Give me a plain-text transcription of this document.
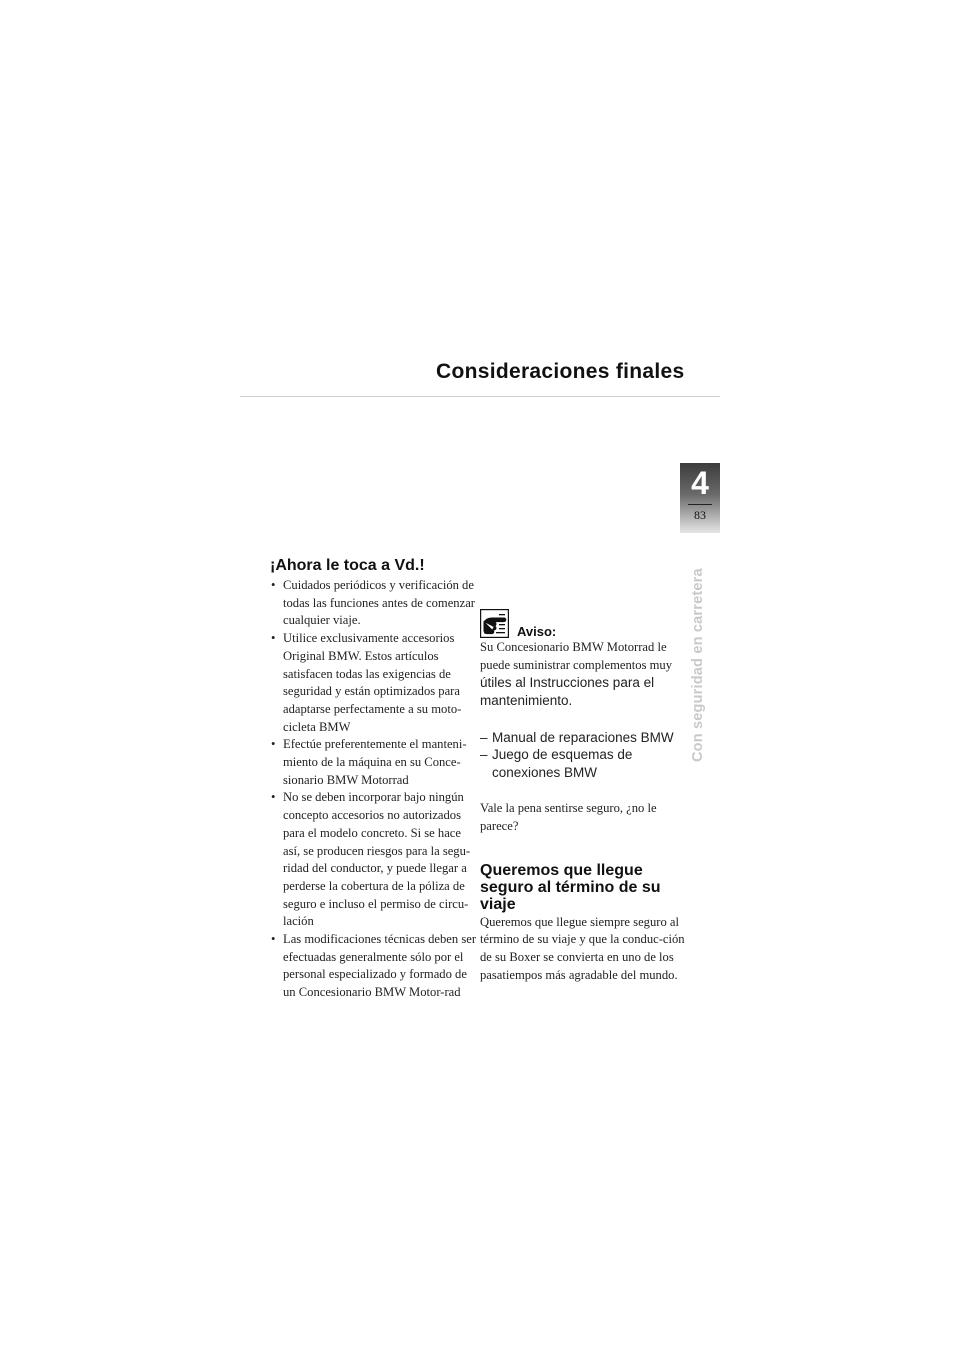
Consideraciones finales
4
83
Con seguridad en carretera
¡Ahora le toca a Vd.!
• Cuidados periódicos y verificación de todas las funciones antes de comenzar cualquier viaje.
• Utilice exclusivamente accesorios Original BMW. Estos artículos satisfacen todas las exigencias de seguridad y están optimizados para adaptarse perfectamente a su moto-cicleta BMW
• Efectúe preferentemente el manteni-miento de la máquina en su Conce-sionario BMW Motorrad
• No se deben incorporar bajo ningún concepto accesorios no autorizados para el modelo concreto. Si se hace así, se producen riesgos para la segu-ridad del conductor, y puede llegar a perderse la cobertura de la póliza de seguro e incluso el permiso de circu-lación
• Las modificaciones técnicas deben ser efectuadas generalmente sólo por el personal especializado y formado de un Concesionario BMW Motor-rad
Aviso:

Su Concesionario BMW Motorrad le puede suministrar complementos muy

útiles al Instrucciones para el mantenimiento.

– Manual de reparaciones BMW
– Juego de esquemas de conexiones BMW

Vale la pena sentirse seguro, ¿no le parece?

Queremos que llegue seguro al término de su viaje

Queremos que llegue siempre seguro al término de su viaje y que la conduc-ción de su Boxer se convierta en uno de los pasatiempos más agradable del mundo.
